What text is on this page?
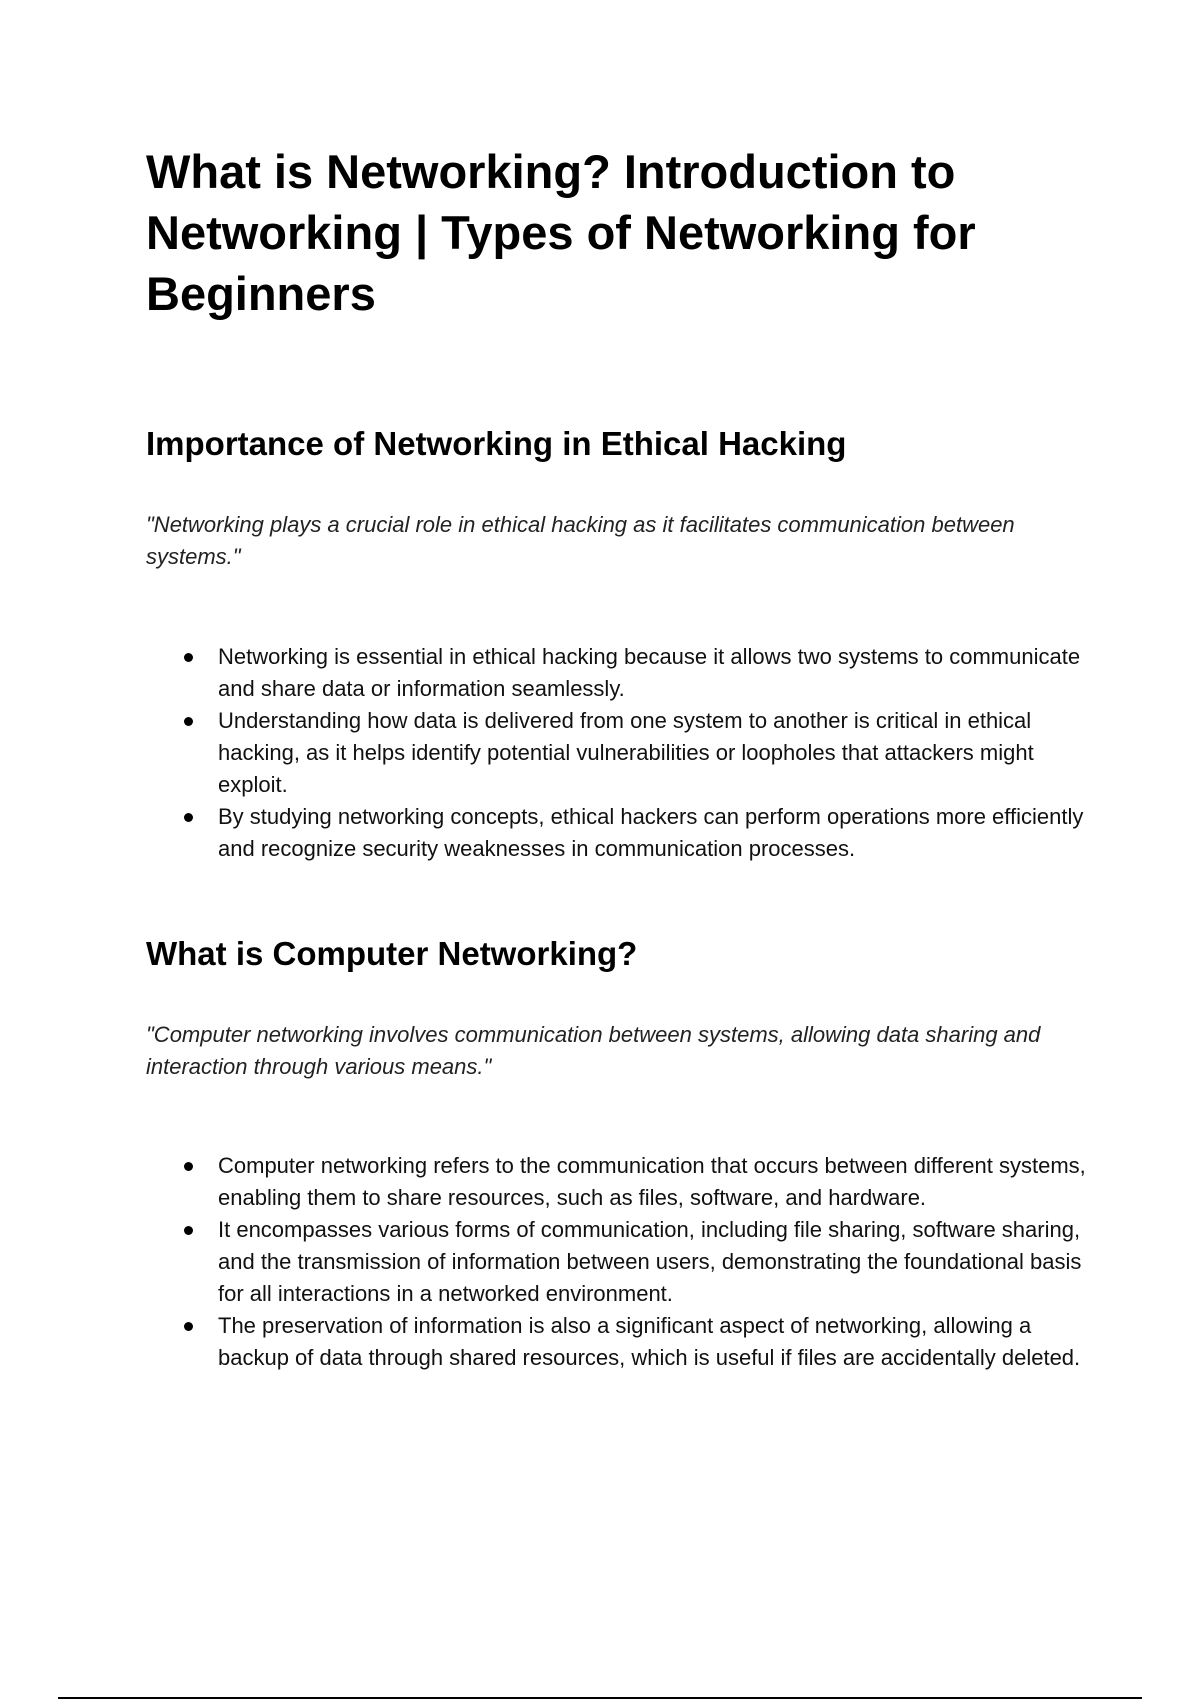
What is Networking? Introduction to Networking | Types of Networking for Beginners
Importance of Networking in Ethical Hacking

"Networking plays a crucial role in ethical hacking as it facilitates communication between systems."

Networking is essential in ethical hacking because it allows two systems to communicate and share data or information seamlessly.
Understanding how data is delivered from one system to another is critical in ethical hacking, as it helps identify potential vulnerabilities or loopholes that attackers might exploit.
By studying networking concepts, ethical hackers can perform operations more efficiently and recognize security weaknesses in communication processes.
What is Computer Networking?

"Computer networking involves communication between systems, allowing data sharing and interaction through various means."

Computer networking refers to the communication that occurs between different systems, enabling them to share resources, such as files, software, and hardware.
It encompasses various forms of communication, including file sharing, software sharing, and the transmission of information between users, demonstrating the foundational basis for all interactions in a networked environment.
The preservation of information is also a significant aspect of networking, allowing a backup of data through shared resources, which is useful if files are accidentally deleted.
